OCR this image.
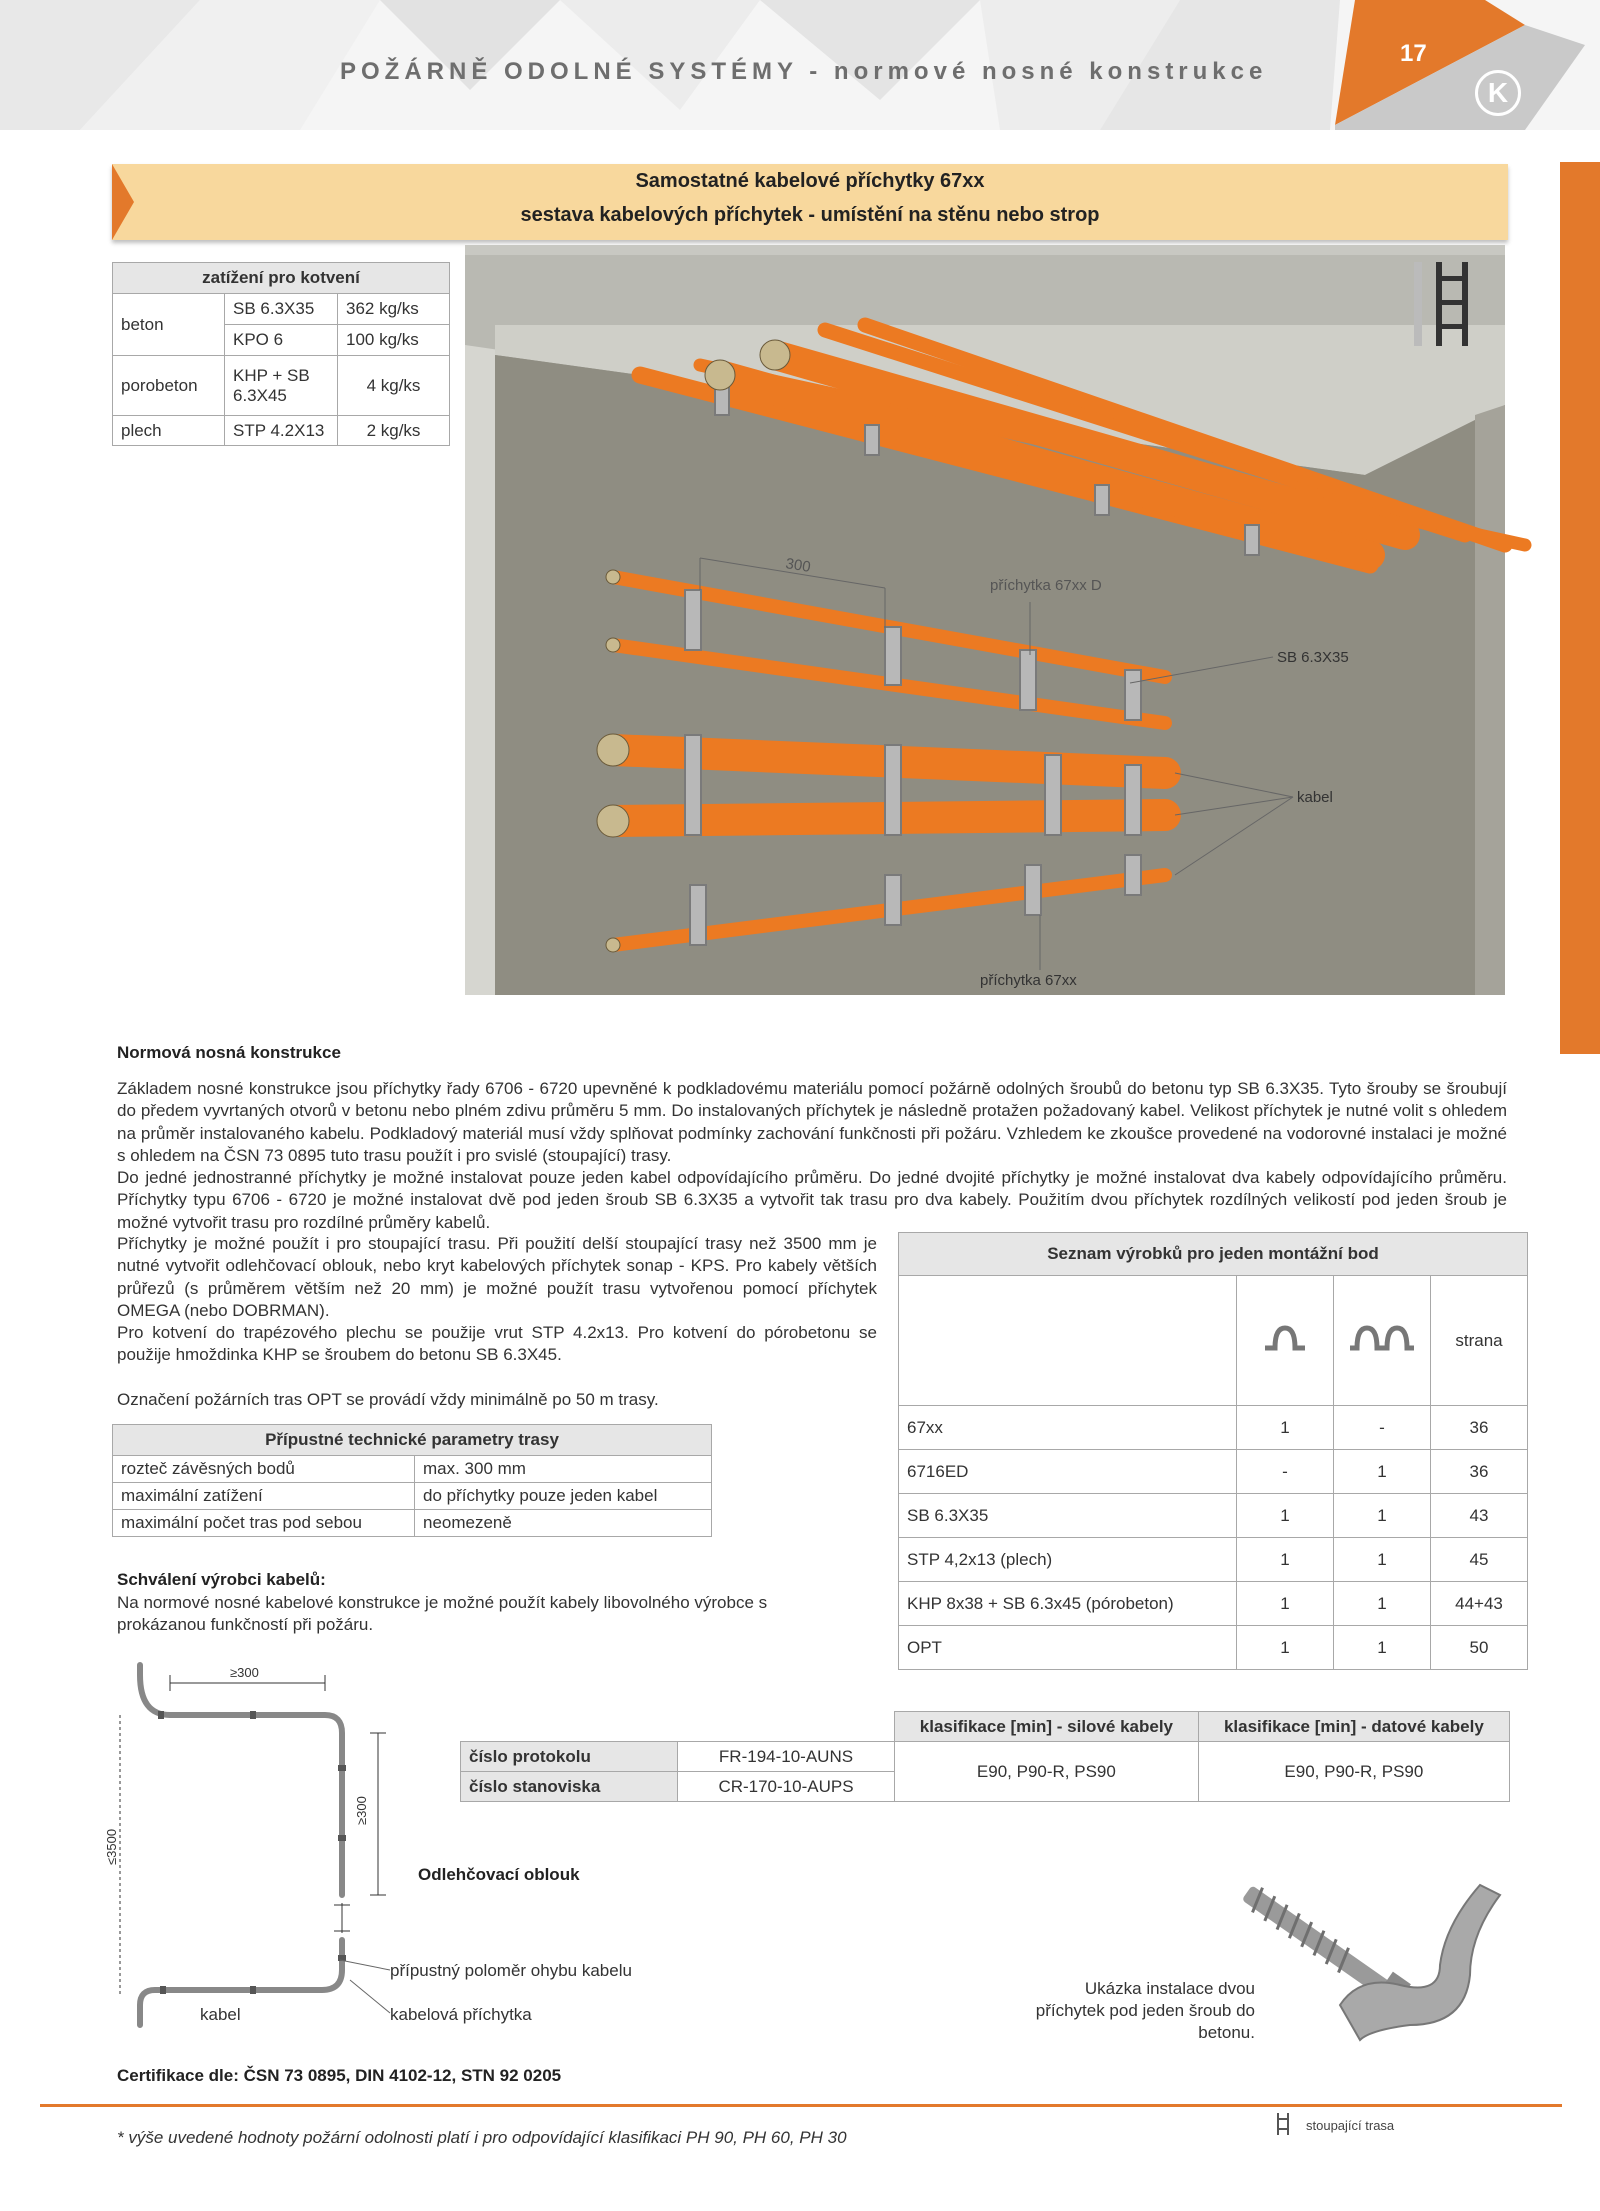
POŽÁRNĚ ODOLNÉ SYSTÉMY - normové nosné konstrukce
17
K
Samostatné kabelové příchytky 67xx
sestava kabelových příchytek - umístění na stěnu nebo strop
zatížení pro kotvení		
beton	SB 6.3X35	362 kg/ks
	KPO 6	100 kg/ks
porobeton	KHP + SB 6.3X45	4 kg/ks
plech	STP 4.2X13	2 kg/ks
300
příchytka 67xx D
SB 6.3X35
kabel
příchytka 67xx
Normová nosná konstrukce
Základem nosné konstrukce jsou příchytky řady 6706 - 6720 upevněné k podkladovému materiálu pomocí požárně odolných šroubů do betonu typ SB 6.3X35. Tyto šrouby se šroubují do předem vyvrtaných otvorů v betonu nebo plném zdivu průměru 5 mm. Do instalovaných příchytek je následně protažen požadovaný kabel. Velikost příchytek je nutné volit s ohledem na průměr instalovaného kabelu. Podkladový materiál musí vždy splňovat podmínky zachování funkčnosti při požáru. Vzhledem ke zkoušce provedené na vodorovné instalaci je možné s ohledem na ČSN 73 0895 tuto trasu použít i pro svislé (stoupající) trasy.
Do jedné jednostranné příchytky je možné instalovat pouze jeden kabel odpovídajícího průměru. Do jedné dvojité příchytky je možné instalovat dva kabely odpovídajícího průměru. Příchytky typu 6706 - 6720 je možné instalovat dvě pod jeden šroub SB 6.3X35 a vytvořit tak trasu pro dva kabely. Použitím dvou příchytek rozdílných velikostí pod jeden šroub je možné vytvořit trasu pro rozdílné průměry kabelů.
Příchytky je možné použít i pro stoupající trasu. Při použití delší stoupající trasy než 3500 mm je nutné vytvořit odlehčovací oblouk, nebo kryt kabelových příchytek sonap - KPS. Pro kabely větších průřezů (s průměrem větším než 20 mm) je možné použít trasu vytvořenou pomocí příchytek OMEGA (nebo DOBRMAN).
Pro kotvení do trapézového plechu se použije vrut STP 4.2x13. Pro kotvení do pórobetonu se použije hmoždinka KHP se šroubem do betonu SB 6.3X45.
Označení požárních tras OPT se provádí vždy minimálně po 50 m trasy.
Přípustné technické parametry trasy	
rozteč závěsných bodů	max. 300 mm
maximální zatížení	do příchytky pouze jeden kabel
maximální počet tras pod sebou	neomezeně
Schválení výrobci kabelů:
Na normové nosné kabelové konstrukce je možné použít kabely libovolného výrobce s prokázanou funkčností při požáru.
Seznam výrobků pro jeden montážní bod			
			strana
67xx	1	-	36
6716ED	-	1	36
SB 6.3X35	1	1	43
STP 4,2x13 (plech)	1	1	45
KHP 8x38 + SB 6.3x45 (pórobeton)	1	1	44+43
OPT	1	1	50
		klasifikace [min] - silové kabely	klasifikace [min] - datové kabely
číslo protokolu	FR-194-10-AUNS	E90, P90-R, PS90	E90, P90-R, PS90
číslo stanoviska	CR-170-10-AUPS		
≥300
≥300
≤3500
Odlehčovací oblouk
přípustný poloměr ohybu kabelu
kabelová příchytka
kabel
Ukázka instalace dvou příchytek pod jeden šroub do betonu.
Certifikace dle: ČSN 73 0895, DIN 4102-12, STN 92 0205
* výše uvedené hodnoty požární odolnosti platí i pro odpovídající klasifikaci PH 90, PH 60, PH 30
stoupající trasa
